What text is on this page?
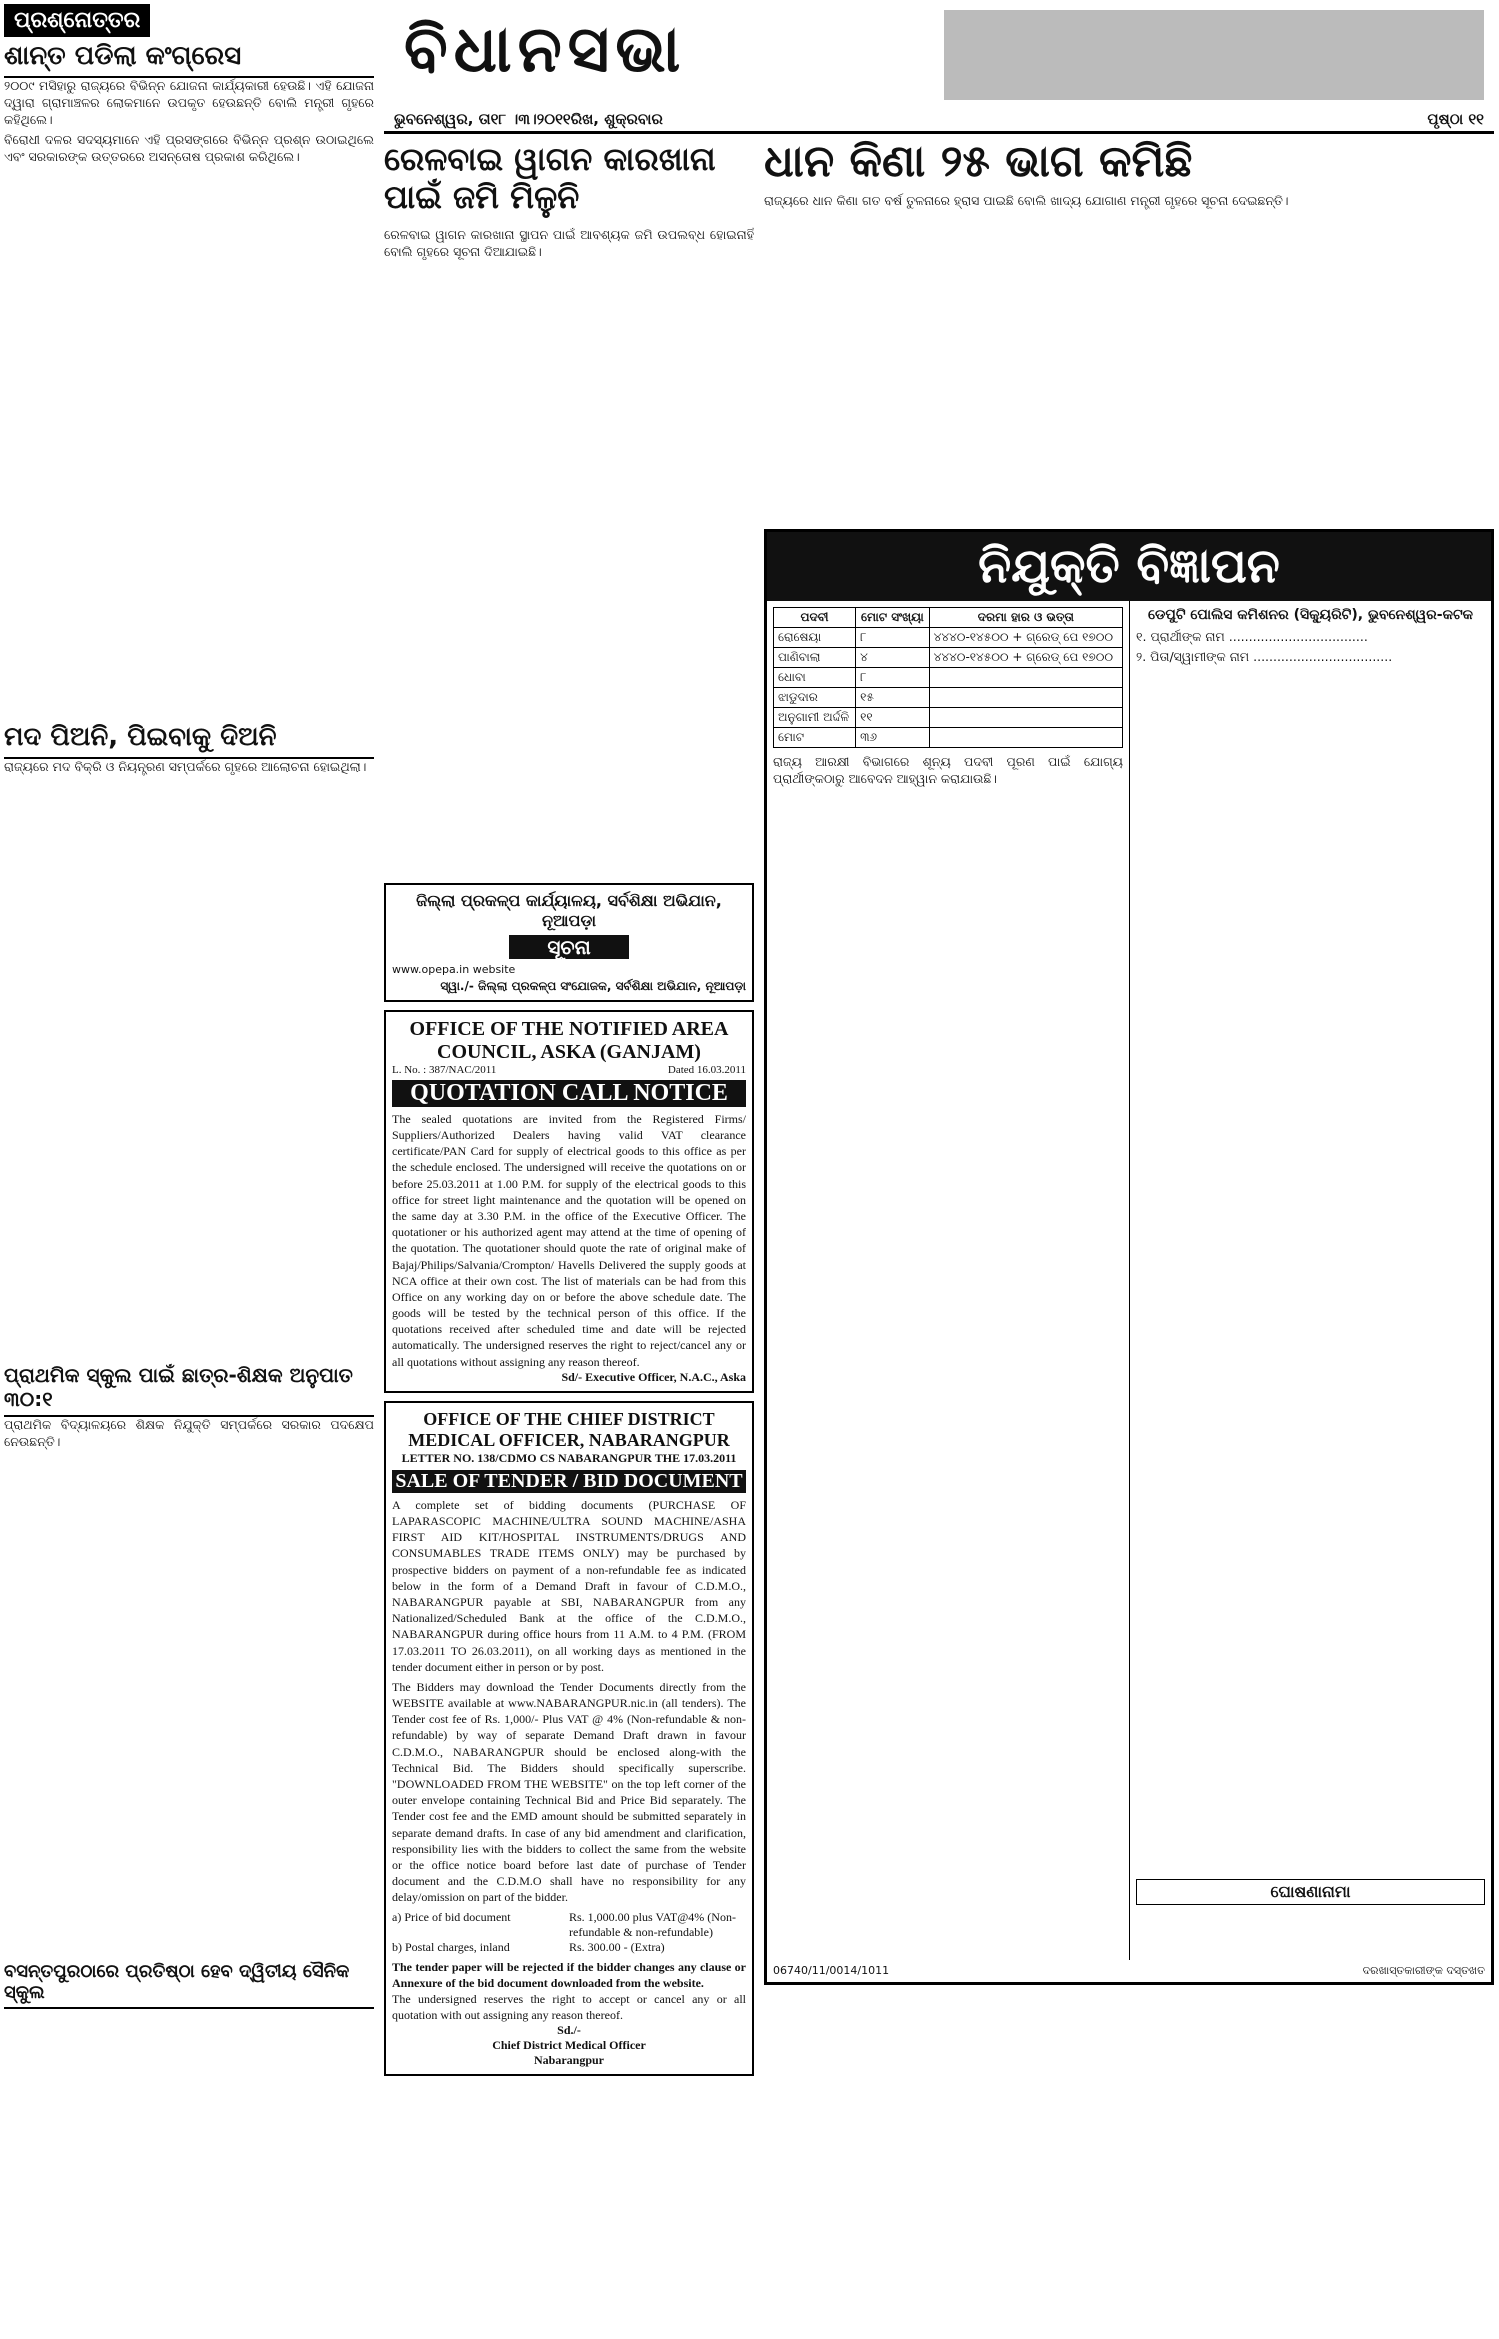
ପ୍ରଶ୍ନୋତ୍ତର
ଶାନ୍ତ ପଡିଲା କଂଗ୍ରେସ

୨୦୦୯ ମସିହାରୁ ରାଜ୍ୟରେ ବିଭିନ୍ନ ଯୋଜନା କାର୍ଯ୍ୟକାରୀ ହେଉଛି। ଏହି ଯୋଜନା ଦ୍ୱାରା ଗ୍ରାମାଞ୍ଚଳର ଲୋକମାନେ ଉପକୃତ ହେଉଛନ୍ତି ବୋଲି ମନ୍ତ୍ରୀ ଗୃହରେ କହିଥିଲେ।

ବିରୋଧୀ ଦଳର ସଦସ୍ୟମାନେ ଏହି ପ୍ରସଙ୍ଗରେ ବିଭିନ୍ନ ପ୍ରଶ୍ନ ଉଠାଇଥିଲେ ଏବଂ ସରକାରଙ୍କ ଉତ୍ତରରେ ଅସନ୍ତୋଷ ପ୍ରକାଶ କରିଥିଲେ।

ମଦ ପିଅନି, ପିଇବାକୁ ଦିଅନି

ରାଜ୍ୟରେ ମଦ ବିକ୍ରି ଓ ନିୟନ୍ତ୍ରଣ ସମ୍ପର୍କରେ ଗୃହରେ ଆଲୋଚନା ହୋଇଥିଲା।

ପ୍ରାଥମିକ ସ୍କୁଲ ପାଇଁ ଛାତ୍ର-ଶିକ୍ଷକ ଅନୁପାତ ୩୦:୧

ପ୍ରାଥମିକ ବିଦ୍ୟାଳୟରେ ଶିକ୍ଷକ ନିଯୁକ୍ତି ସମ୍ପର୍କରେ ସରକାର ପଦକ୍ଷେପ ନେଉଛନ୍ତି।

ବସନ୍ତପୁରଠାରେ ପ୍ରତିଷ୍ଠା ହେବ ଦ୍ୱିତୀୟ ସୈନିକ ସ୍କୁଲ
ବିଧାନସଭା
ଭୁବନେଶ୍ୱର, ତା୧୮ ।୩।୨୦୧୧ରିଖ, ଶୁକ୍ରବାର	ପୃଷ୍ଠା ୧୧
ରେଳବାଇ ୱାଗନ କାରଖାନା ପାଇଁ ଜମି ମିଳୁନି

ରେଳବାଇ ୱାଗନ କାରଖାନା ସ୍ଥାପନ ପାଇଁ ଆବଶ୍ୟକ ଜମି ଉପଲବ୍ଧ ହୋଇନାହିଁ ବୋଲି ଗୃହରେ ସୂଚନା ଦିଆଯାଇଛି।

ଜିଲ୍ଲା ପ୍ରକଳ୍ପ କାର୍ଯ୍ୟାଳୟ, ସର୍ବଶିକ୍ଷା ଅଭିଯାନ, ନୂଆପଡ଼ା
ସୂଚନା
www.opepa.in website
ସ୍ୱା./- ଜିଲ୍ଲା ପ୍ରକଳ୍ପ ସଂଯୋଜକ, ସର୍ବଶିକ୍ଷା ଅଭିଯାନ, ନୂଆପଡ଼ା
OFFICE OF THE NOTIFIED AREA COUNCIL, ASKA (GANJAM)
L. No. : 387/NAC/2011	Dated 16.03.2011
QUOTATION CALL NOTICE
The sealed quotations are invited from the Registered Firms/ Suppliers/Authorized Dealers having valid VAT clearance certificate/PAN Card for supply of electrical goods to this office as per the schedule enclosed. The undersigned will receive the quotations on or before 25.03.2011 at 1.00 P.M. for supply of the electrical goods to this office for street light maintenance and the quotation will be opened on the same day at 3.30 P.M. in the office of the Executive Officer. The quotationer or his authorized agent may attend at the time of opening of the quotation. The quotationer should quote the rate of original make of Bajaj/Philips/Salvania/Crompton/ Havells Delivered the supply goods at NCA office at their own cost. The list of materials can be had from this Office on any working day on or before the above schedule date. The goods will be tested by the technical person of this office. If the quotations received after scheduled time and date will be rejected automatically. The undersigned reserves the right to reject/cancel any or all quotations without assigning any reason thereof.
Sd/- Executive Officer, N.A.C., Aska
OFFICE OF THE CHIEF DISTRICT MEDICAL OFFICER, NABARANGPUR
LETTER NO. 138/CDMO CS NABARANGPUR THE 17.03.2011
SALE OF TENDER / BID DOCUMENT
A complete set of bidding documents (PURCHASE OF LAPARASCOPIC MACHINE/ULTRA SOUND MACHINE/ASHA FIRST AID KIT/HOSPITAL INSTRUMENTS/DRUGS AND CONSUMABLES TRADE ITEMS ONLY) may be purchased by prospective bidders on payment of a non-refundable fee as indicated below in the form of a Demand Draft in favour of C.D.M.O., NABARANGPUR payable at SBI, NABARANGPUR from any Nationalized/Scheduled Bank at the office of the C.D.M.O., NABARANGPUR during office hours from 11 A.M. to 4 P.M. (FROM 17.03.2011 TO 26.03.2011), on all working days as mentioned in the tender document either in person or by post.
The Bidders may download the Tender Documents directly from the WEBSITE available at www.NABARANGPUR.nic.in (all tenders). The Tender cost fee of Rs. 1,000/- Plus VAT @ 4% (Non-refundable & non-refundable) by way of separate Demand Draft drawn in favour C.D.M.O., NABARANGPUR should be enclosed along-with the Technical Bid. The Bidders should specifically superscribe. "DOWNLOADED FROM THE WEBSITE" on the top left corner of the outer envelope containing Technical Bid and Price Bid separately. The Tender cost fee and the EMD amount should be submitted separately in separate demand drafts. In case of any bid amendment and clarification, responsibility lies with the bidders to collect the same from the website or the office notice board before last date of purchase of Tender document and the C.D.M.O shall have no responsibility for any delay/omission on part of the bidder.
a) Price of bid document	Rs. 1,000.00 plus VAT@4% (Non-refundable & non-refundable)
b) Postal charges, inland	Rs. 300.00 - (Extra)
The tender paper will be rejected if the bidder changes any clause or Annexure of the bid document downloaded from the website.
The undersigned reserves the right to accept or cancel any or all quotation with out assigning any reason thereof.
Sd./-
Chief District Medical Officer
Nabarangpur
ଧାନ କିଣା ୨୫ ଭାଗ କମିଛି

ରାଜ୍ୟରେ ଧାନ କିଣା ଗତ ବର୍ଷ ତୁଳନାରେ ହ୍ରାସ ପାଇଛି ବୋଲି ଖାଦ୍ୟ ଯୋଗାଣ ମନ୍ତ୍ରୀ ଗୃହରେ ସୂଚନା ଦେଇଛନ୍ତି।

ନିଯୁକ୍ତି ବିଜ୍ଞାପନ
ପଦବୀ	ମୋଟ ସଂଖ୍ୟା	ଦରମା ହାର ଓ ଭତ୍ତା
ରୋଷେୟା	୮	୪୪୪୦-୧୪୫୦୦ + ଗ୍ରେଡ୍ ପେ ୧୭୦୦
ପାଣିବାଲା	୪	୪୪୪୦-୧୪୫୦୦ + ଗ୍ରେଡ୍ ପେ ୧୭୦୦
ଧୋବା	୮	
ଝାଡୁଦାର	୧୫	
ଅନୁଗାମୀ ଅର୍ଦ୍ଦଳି	୧୧	
ମୋଟ	୩୬	

ରାଜ୍ୟ ଆରକ୍ଷୀ ବିଭାଗରେ ଶୂନ୍ୟ ପଦବୀ ପୂରଣ ପାଇଁ ଯୋଗ୍ୟ ପ୍ରାର୍ଥୀଙ୍କଠାରୁ ଆବେଦନ ଆହ୍ୱାନ କରାଯାଉଛି।

ଡେପୁଟି ପୋଲିସ କମିଶନର (ସିକ୍ୟୁରିଟି), ଭୁବନେଶ୍ୱର-କଟକ

୧. ପ୍ରାର୍ଥୀଙ୍କ ନାମ ...................................

୨. ପିତା/ସ୍ୱାମୀଙ୍କ ନାମ ...................................

ଘୋଷଣାନାମା
06740/11/0014/1011	ଦରଖାସ୍ତକାରୀଙ୍କ ଦସ୍ତଖତ
